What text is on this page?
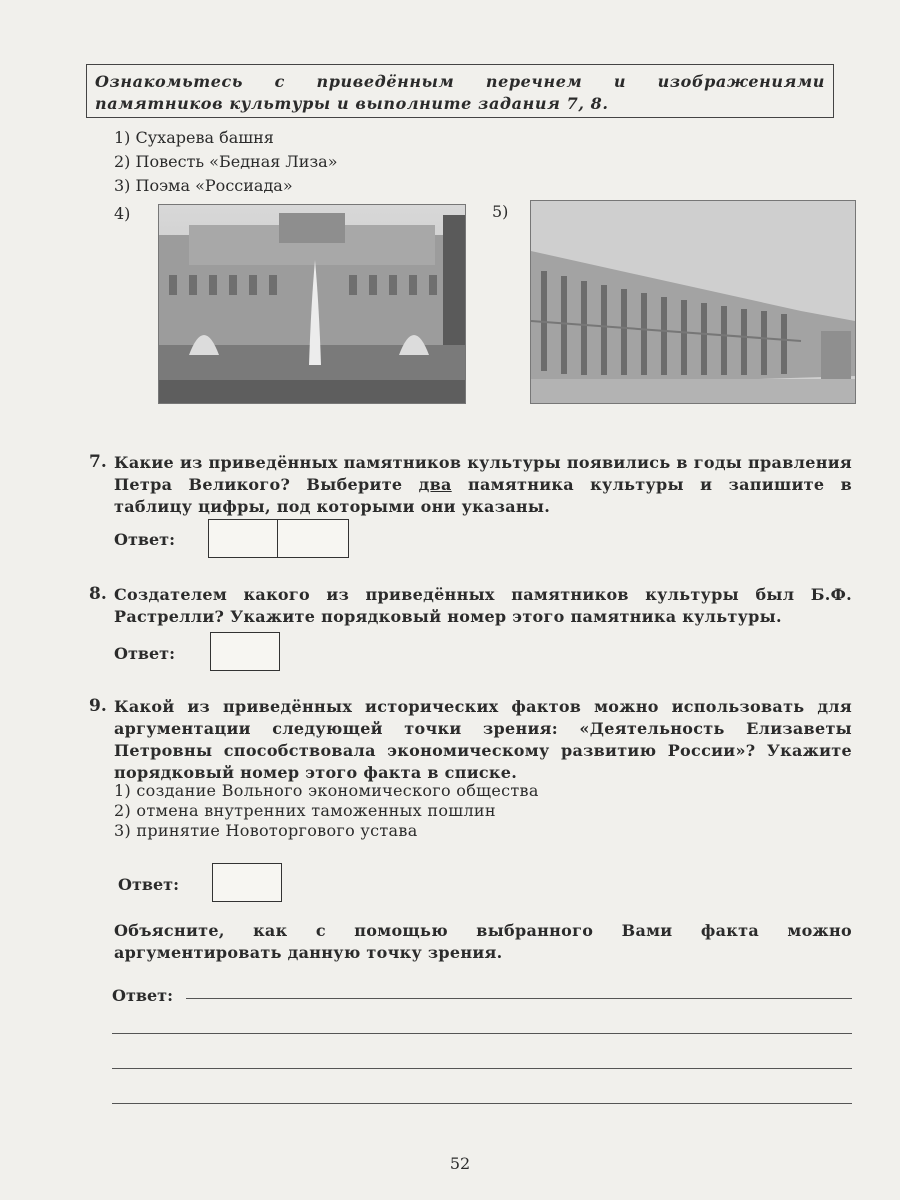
Ознакомьтесь с приведённым перечнем и изображениями памятников культуры и выполните задания 7, 8.
1) Сухарева башня
2) Повесть «Бедная Лиза»
3) Поэма «Россиада»
4)	5)
7. Какие из приведённых памятников культуры появились в годы правления Петра Великого? Выберите два памятника культуры и запишите в таблицу цифры, под которыми они указаны.
Ответ:
8. Создателем какого из приведённых памятников культуры был Б.Ф. Растрелли? Укажите порядковый номер этого памятника культуры.
Ответ:
9. Какой из приведённых исторических фактов можно использовать для аргументации следующей точки зрения: «Деятельность Елизаветы Петровны способствовала экономическому развитию России»? Укажите порядковый номер этого факта в списке.
1) создание Вольного экономического общества
2) отмена внутренних таможенных пошлин
3) принятие Новоторгового устава
Ответ:
Объясните, как с помощью выбранного Вами факта можно аргументировать данную точку зрения.
Ответ:
52
